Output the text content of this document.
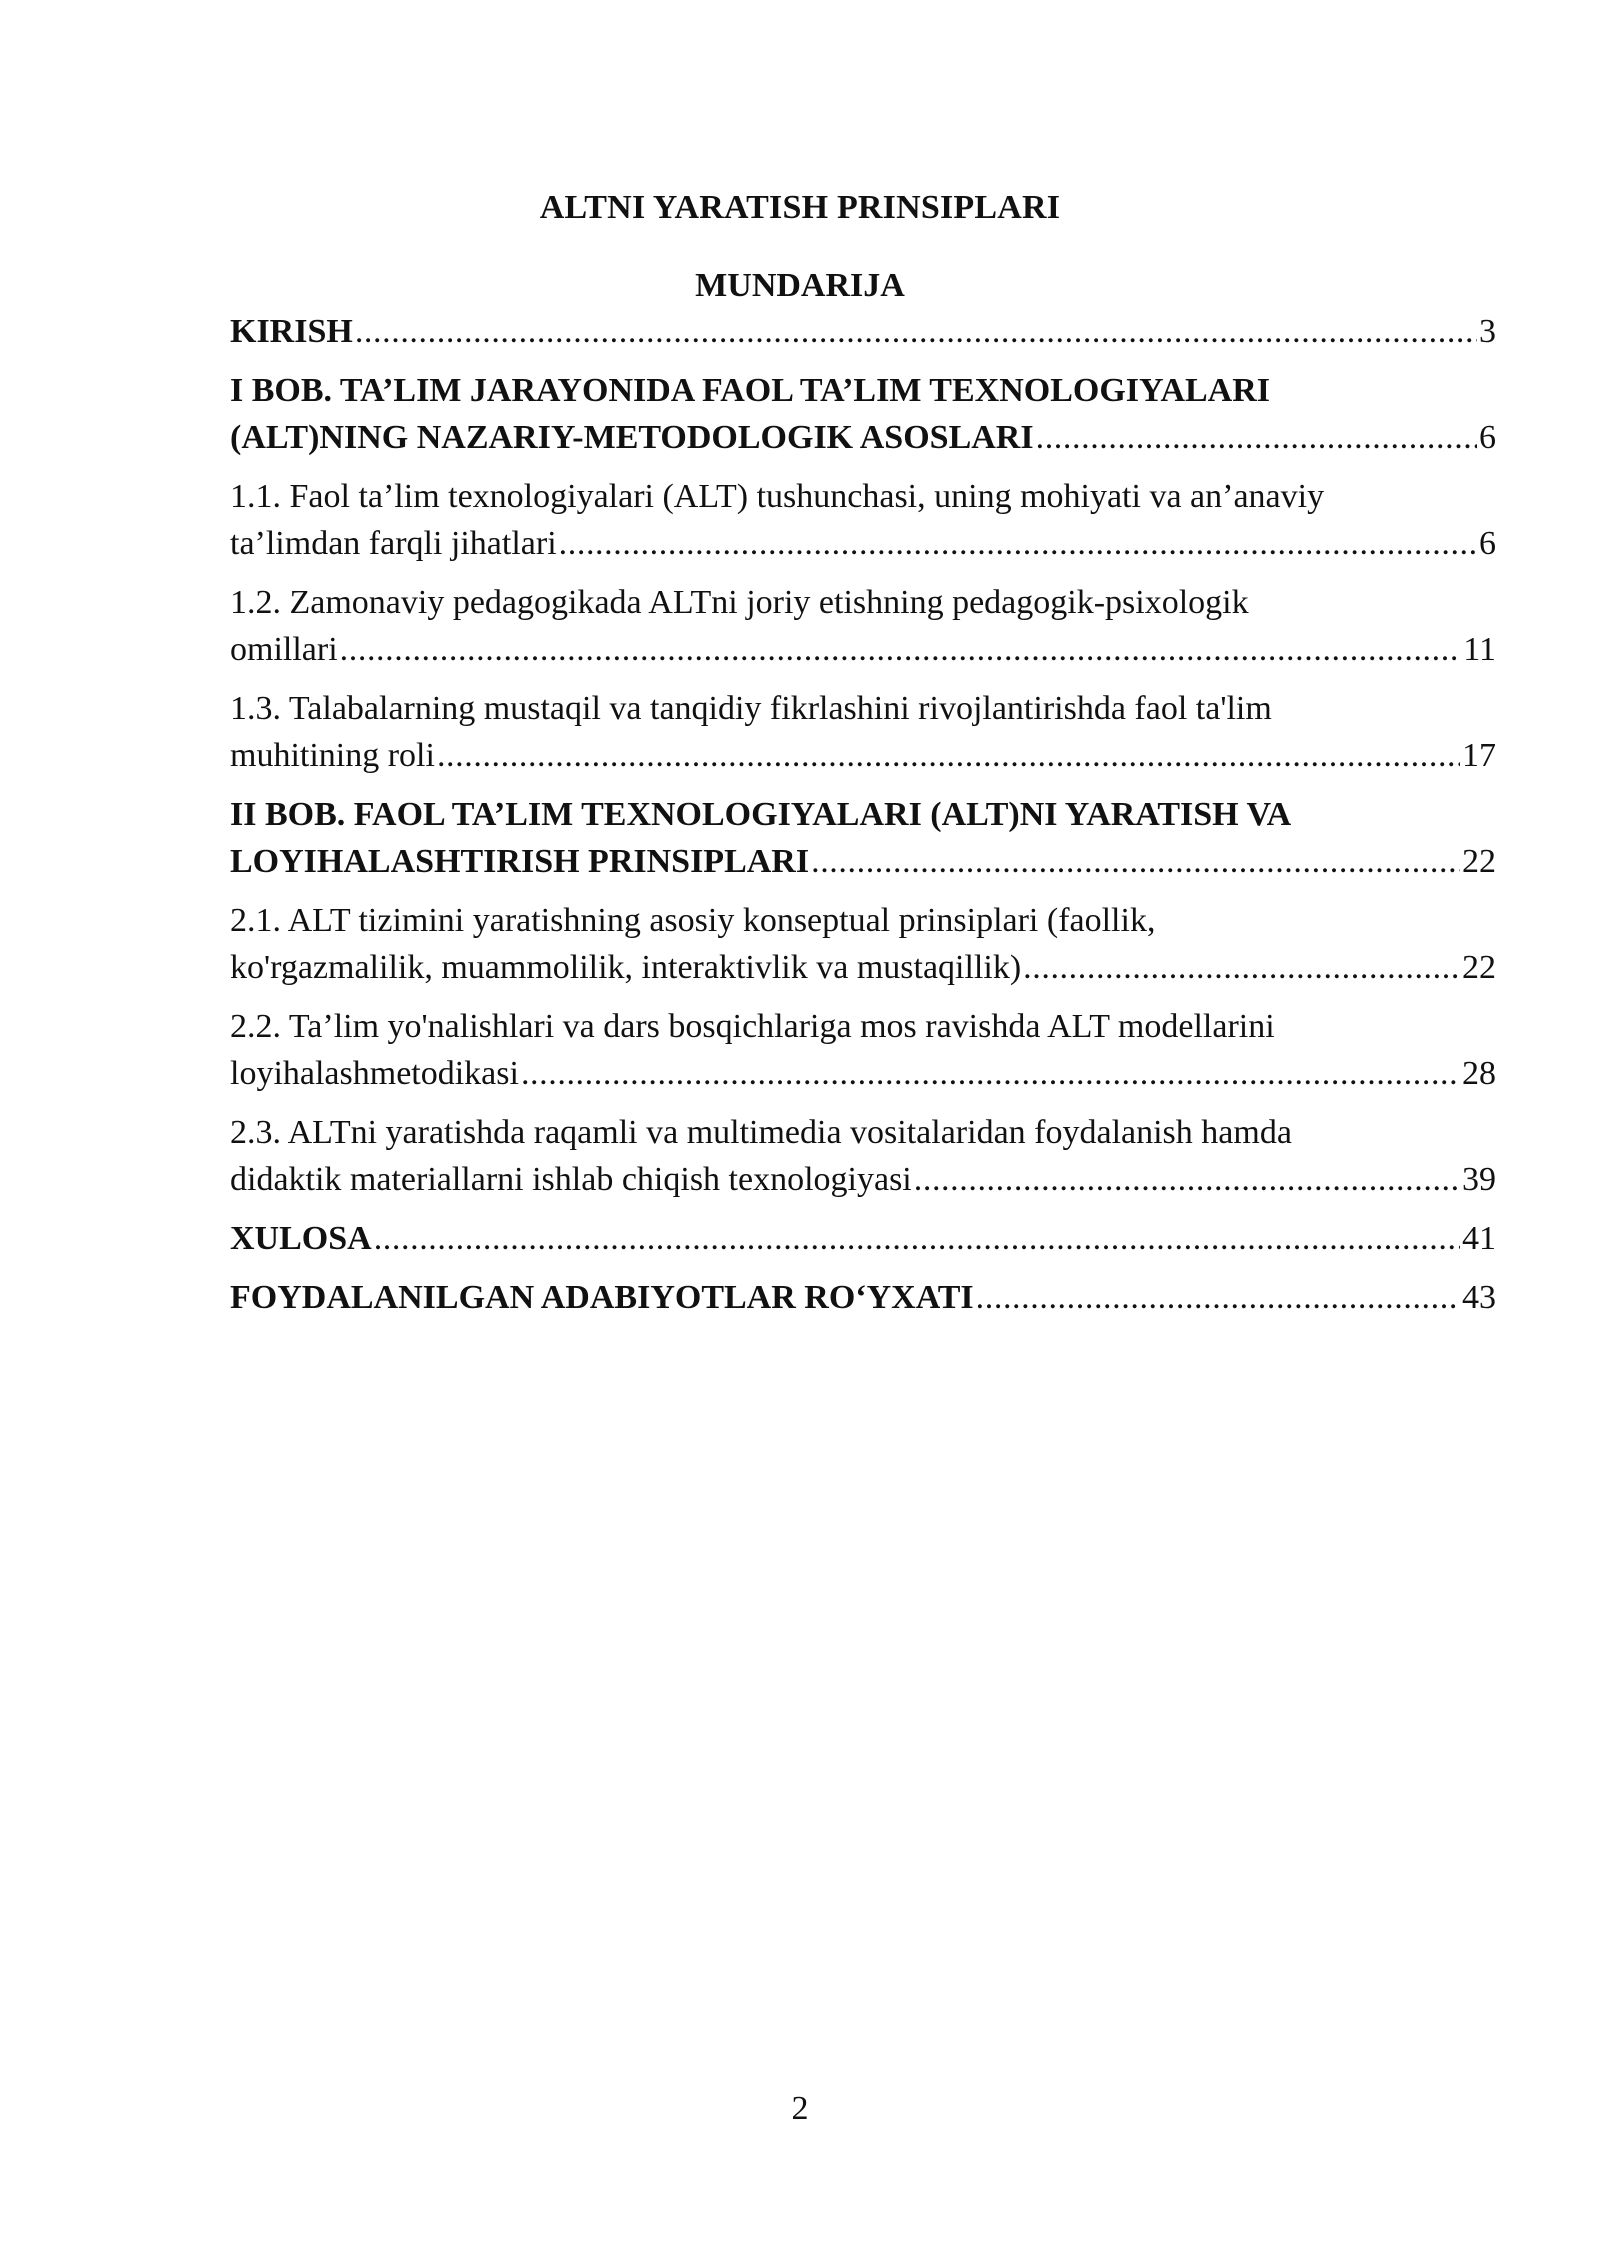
ALTNI YARATISH PRINSIPLARI
MUNDARIJA
KIRISH .....	3
I BOB. TA’LIM JARAYONIDA FAOL TA’LIM TEXNOLOGIYALARI
(ALT)NING NAZARIY-METODOLOGIK ASOSLARI .....	6
1.1. Faol ta’lim texnologiyalari (ALT) tushunchasi, uning mohiyati va an’anaviy
ta’limdan farqli jihatlari .....	6
1.2. Zamonaviy pedagogikada ALTni joriy etishning pedagogik-psixologik
omillari .....	11
1.3. Talabalarning mustaqil va tanqidiy fikrlashini rivojlantirishda faol ta'lim
muhitining roli .....	17
II BOB. FAOL TA’LIM TEXNOLOGIYALARI (ALT)NI YARATISH VA
LOYIHALASHTIRISH PRINSIPLARI .....	22
2.1. ALT tizimini yaratishning asosiy konseptual prinsiplari (faollik,
ko'rgazmalilik, muammolilik, interaktivlik va mustaqillik) .....	22
2.2. Ta’lim yo'nalishlari va dars bosqichlariga mos ravishda ALT modellarini
loyihalashmetodikasi .....	28
2.3. ALTni yaratishda raqamli va multimedia vositalaridan foydalanish hamda
didaktik materiallarni ishlab chiqish texnologiyasi .....	39
XULOSA .....	41
FOYDALANILGAN ADABIYOTLAR RO‘YXATI .....	43
2
